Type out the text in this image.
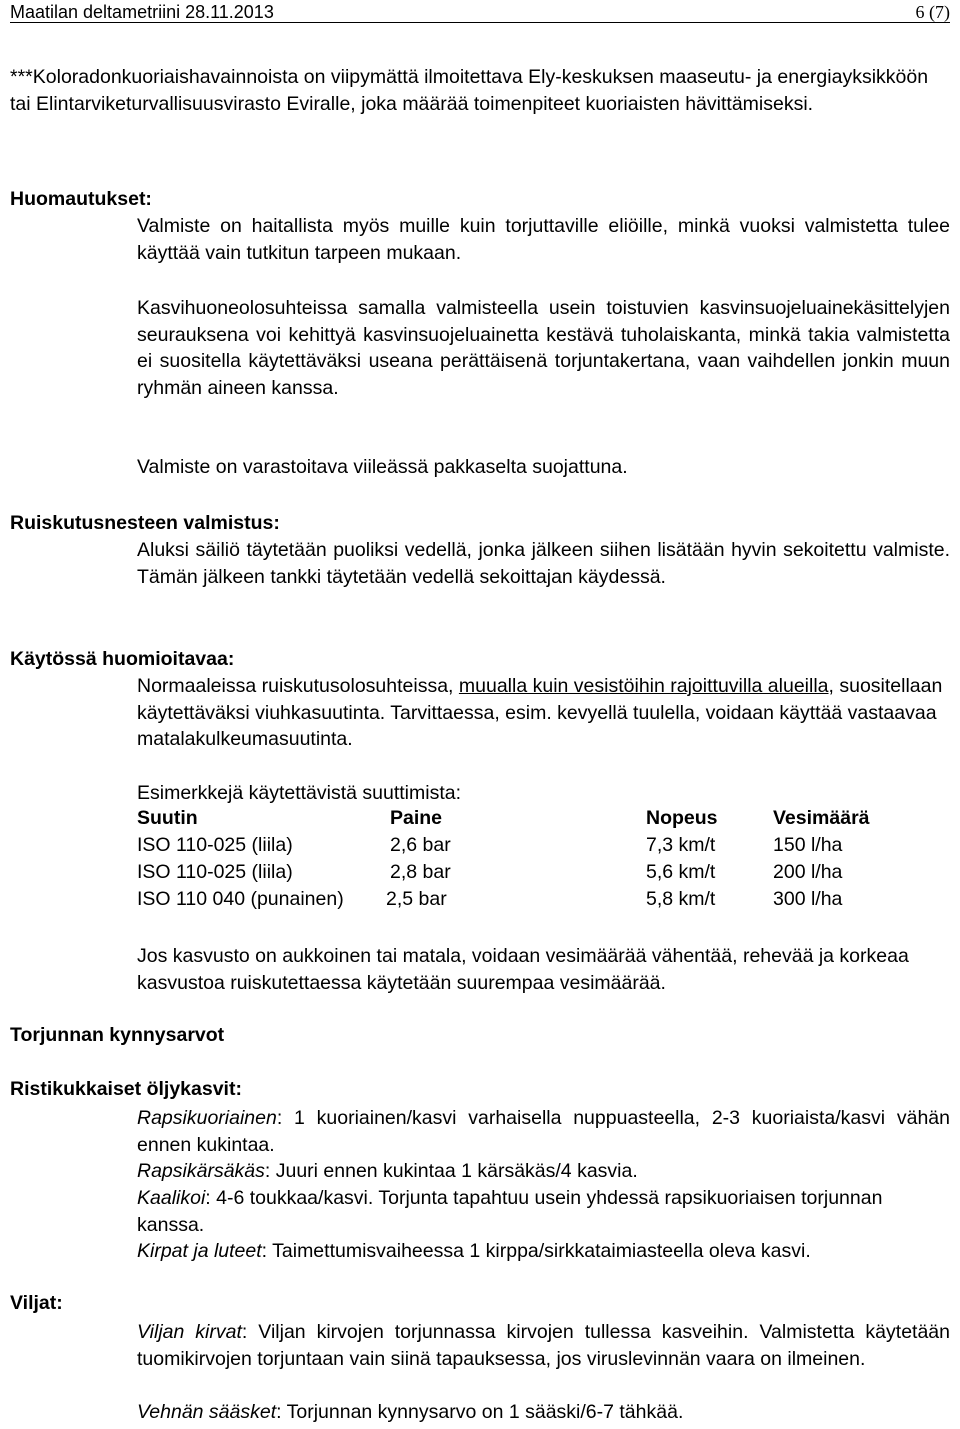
Maatilan deltametriini 28.11.2013	6 (7)
***Koloradonkuoriaishavainnoista on viipymättä ilmoitettava Ely-keskuksen maaseutu- ja energiayksikköön tai Elintarviketurvallisuusvirasto Eviralle, joka määrää toimenpiteet kuoriaisten hävittämiseksi.
Huomautukset:
Valmiste on haitallista myös muille kuin torjuttaville eliöille, minkä vuoksi valmistetta tulee käyttää vain tutkitun tarpeen mukaan.
Kasvihuoneolosuhteissa samalla valmisteella usein toistuvien kasvinsuojeluainekäsittelyjen seurauksena voi kehittyä kasvinsuojeluainetta kestävä tuholaiskanta, minkä takia valmistetta ei suositella käytettäväksi useana perättäisenä torjuntakertana, vaan vaihdellen jonkin muun ryhmän aineen kanssa.
Valmiste on varastoitava viileässä pakkaselta suojattuna.
Ruiskutusnesteen valmistus:
Aluksi säiliö täytetään puoliksi vedellä, jonka jälkeen siihen lisätään hyvin sekoitettu valmiste. Tämän jälkeen tankki täytetään vedellä sekoittajan käydessä.
Käytössä huomioitavaa:
Normaaleissa ruiskutusolosuhteissa, muualla kuin vesistöihin rajoittuvilla alueilla, suositellaan käytettäväksi viuhkasuutinta. Tarvittaessa, esim. kevyellä tuulella, voidaan käyttää vastaavaa matalakulkeumasuutinta.
Esimerkkejä käytettävistä suuttimista:
Suutin	Paine	Nopeus	Vesimäärä
ISO 110-025 (liila)	2,6 bar	7,3 km/t	150 l/ha
ISO 110-025 (liila)	2,8 bar	5,6 km/t	200 l/ha
ISO 110 040 (punainen) 2,5 bar	5,8 km/t	300 l/ha
Jos kasvusto on aukkoinen tai matala, voidaan vesimäärää vähentää, rehevää ja korkeaa kasvustoa ruiskutettaessa käytetään suurempaa vesimäärää.
Torjunnan kynnysarvot
Ristikukkaiset öljykasvit:
Rapsikuoriainen: 1 kuoriainen/kasvi varhaisella nuppuasteella, 2-3 kuoriaista/kasvi vähän ennen kukintaa.
Rapsikärsäkäs: Juuri ennen kukintaa 1 kärsäkäs/4 kasvia.
Kaalikoi: 4-6 toukkaa/kasvi. Torjunta tapahtuu usein yhdessä rapsikuoriaisen torjunnan kanssa.
Kirpat ja luteet: Taimettumisvaiheessa 1 kirppa/sirkkataimiasteella oleva kasvi.
Viljat:
Viljan kirvat: Viljan kirvojen torjunnassa kirvojen tullessa kasveihin. Valmistetta käytetään tuomikirvojen torjuntaan vain siinä tapauksessa, jos viruslevinnän vaara on ilmeinen.
Vehnän sääsket: Torjunnan kynnysarvo on 1 sääski/6-7 tähkää.
